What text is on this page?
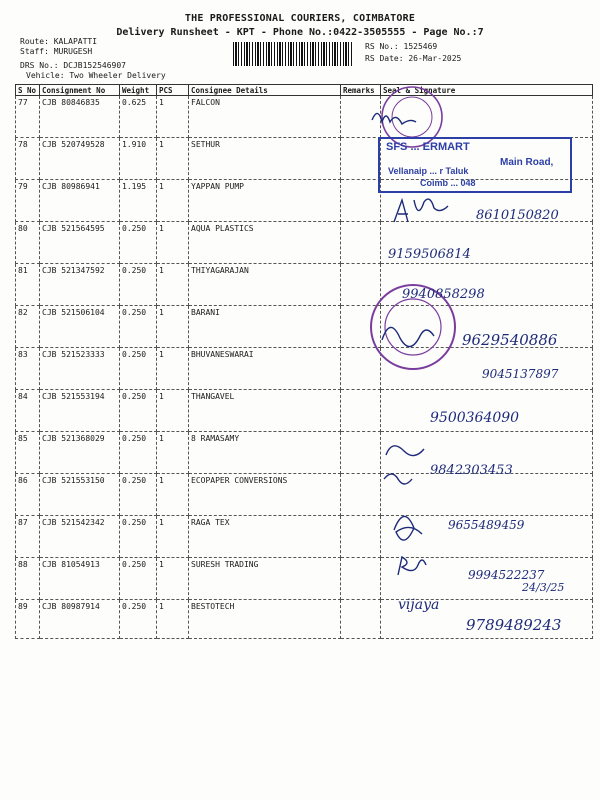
THE PROFESSIONAL COURIERS, COIMBATORE
Delivery Runsheet - KPT - Phone No.:0422-3505555 - Page No.:7
Route: KALAPATTI
Staff: MURUGESH
DRS No.: DCJB152546907
Vehicle: Two Wheeler Delivery
RS No.: 1525469
RS Date: 26-Mar-2025
S No	Consignment No	Weight	PCS	Consignee Details	Remarks	Seal & Signature
77	CJB 80846835	0.625	1	FALCON		
78	CJB 520749528	1.910	1	SETHUR		
79	CJB 80986941	1.195	1	YAPPAN PUMP		
80	CJB 521564595	0.250	1	AQUA PLASTICS		
81	CJB 521347592	0.250	1	THIYAGARAJAN		
82	CJB 521506104	0.250	1	BARANI		
83	CJB 521523333	0.250	1	BHUVANESWARAI		
84	CJB 521553194	0.250	1	THANGAVEL		
85	CJB 521368029	0.250	1	8 RAMASAMY		
86	CJB 521553150	0.250	1	ECOPAPER CONVERSIONS		
87	CJB 521542342	0.250	1	RAGA TEX		
88	CJB 81054913	0.250	1	SURESH TRADING		
89	CJB 80987914	0.250	1	BESTOTECH		
SFS ... ERMART
Main Road,
Vellanaip ... r Taluk
Coimb ... 048
8610150820
9159506814
9940858298
9629540886
9045137897
9500364090
9842303453
9655489459
9994522237
24/3/25
vijaya
9789489243
